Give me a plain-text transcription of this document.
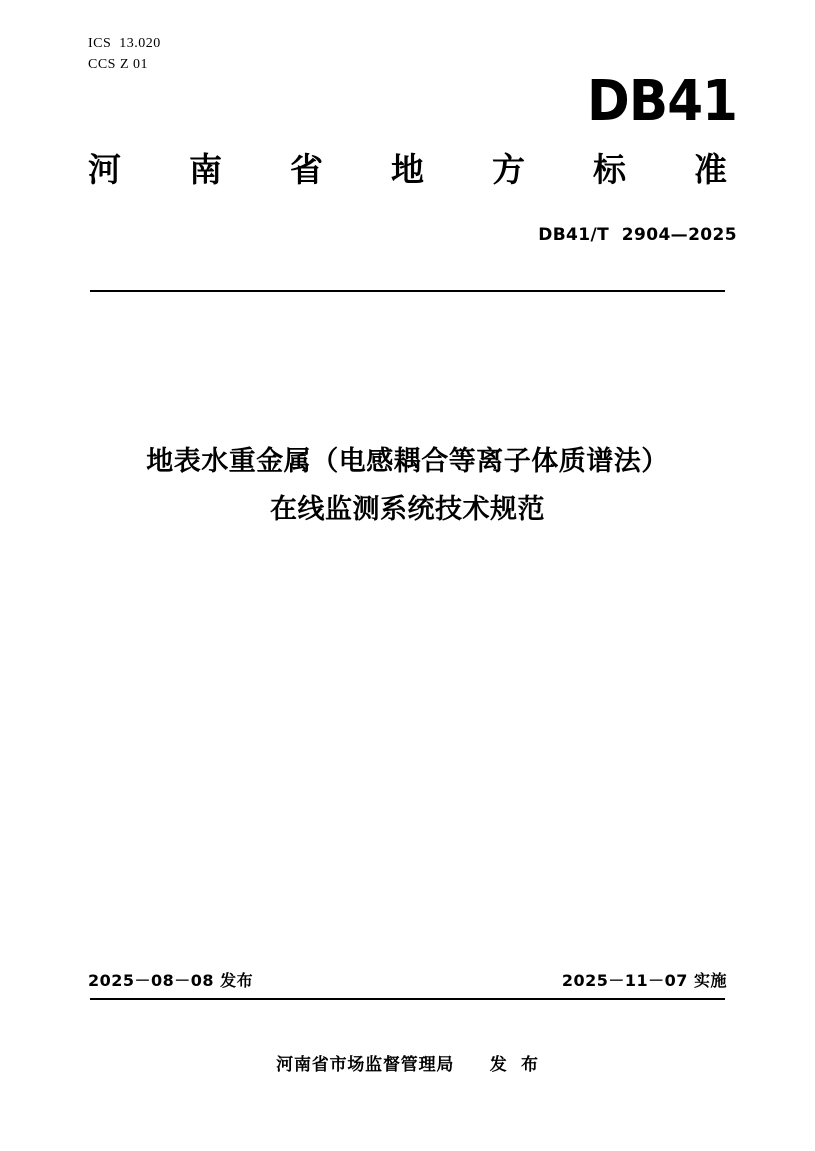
ICS  13.020
CCS Z 01
DB41
河 南 省 地 方 标 准
DB41/T  2904—2025
地表水重金属（电感耦合等离子体质谱法）
在线监测系统技术规范
2025－08－08 发布	2025－11－07 实施
河南省市场监督管理局　　发  布
